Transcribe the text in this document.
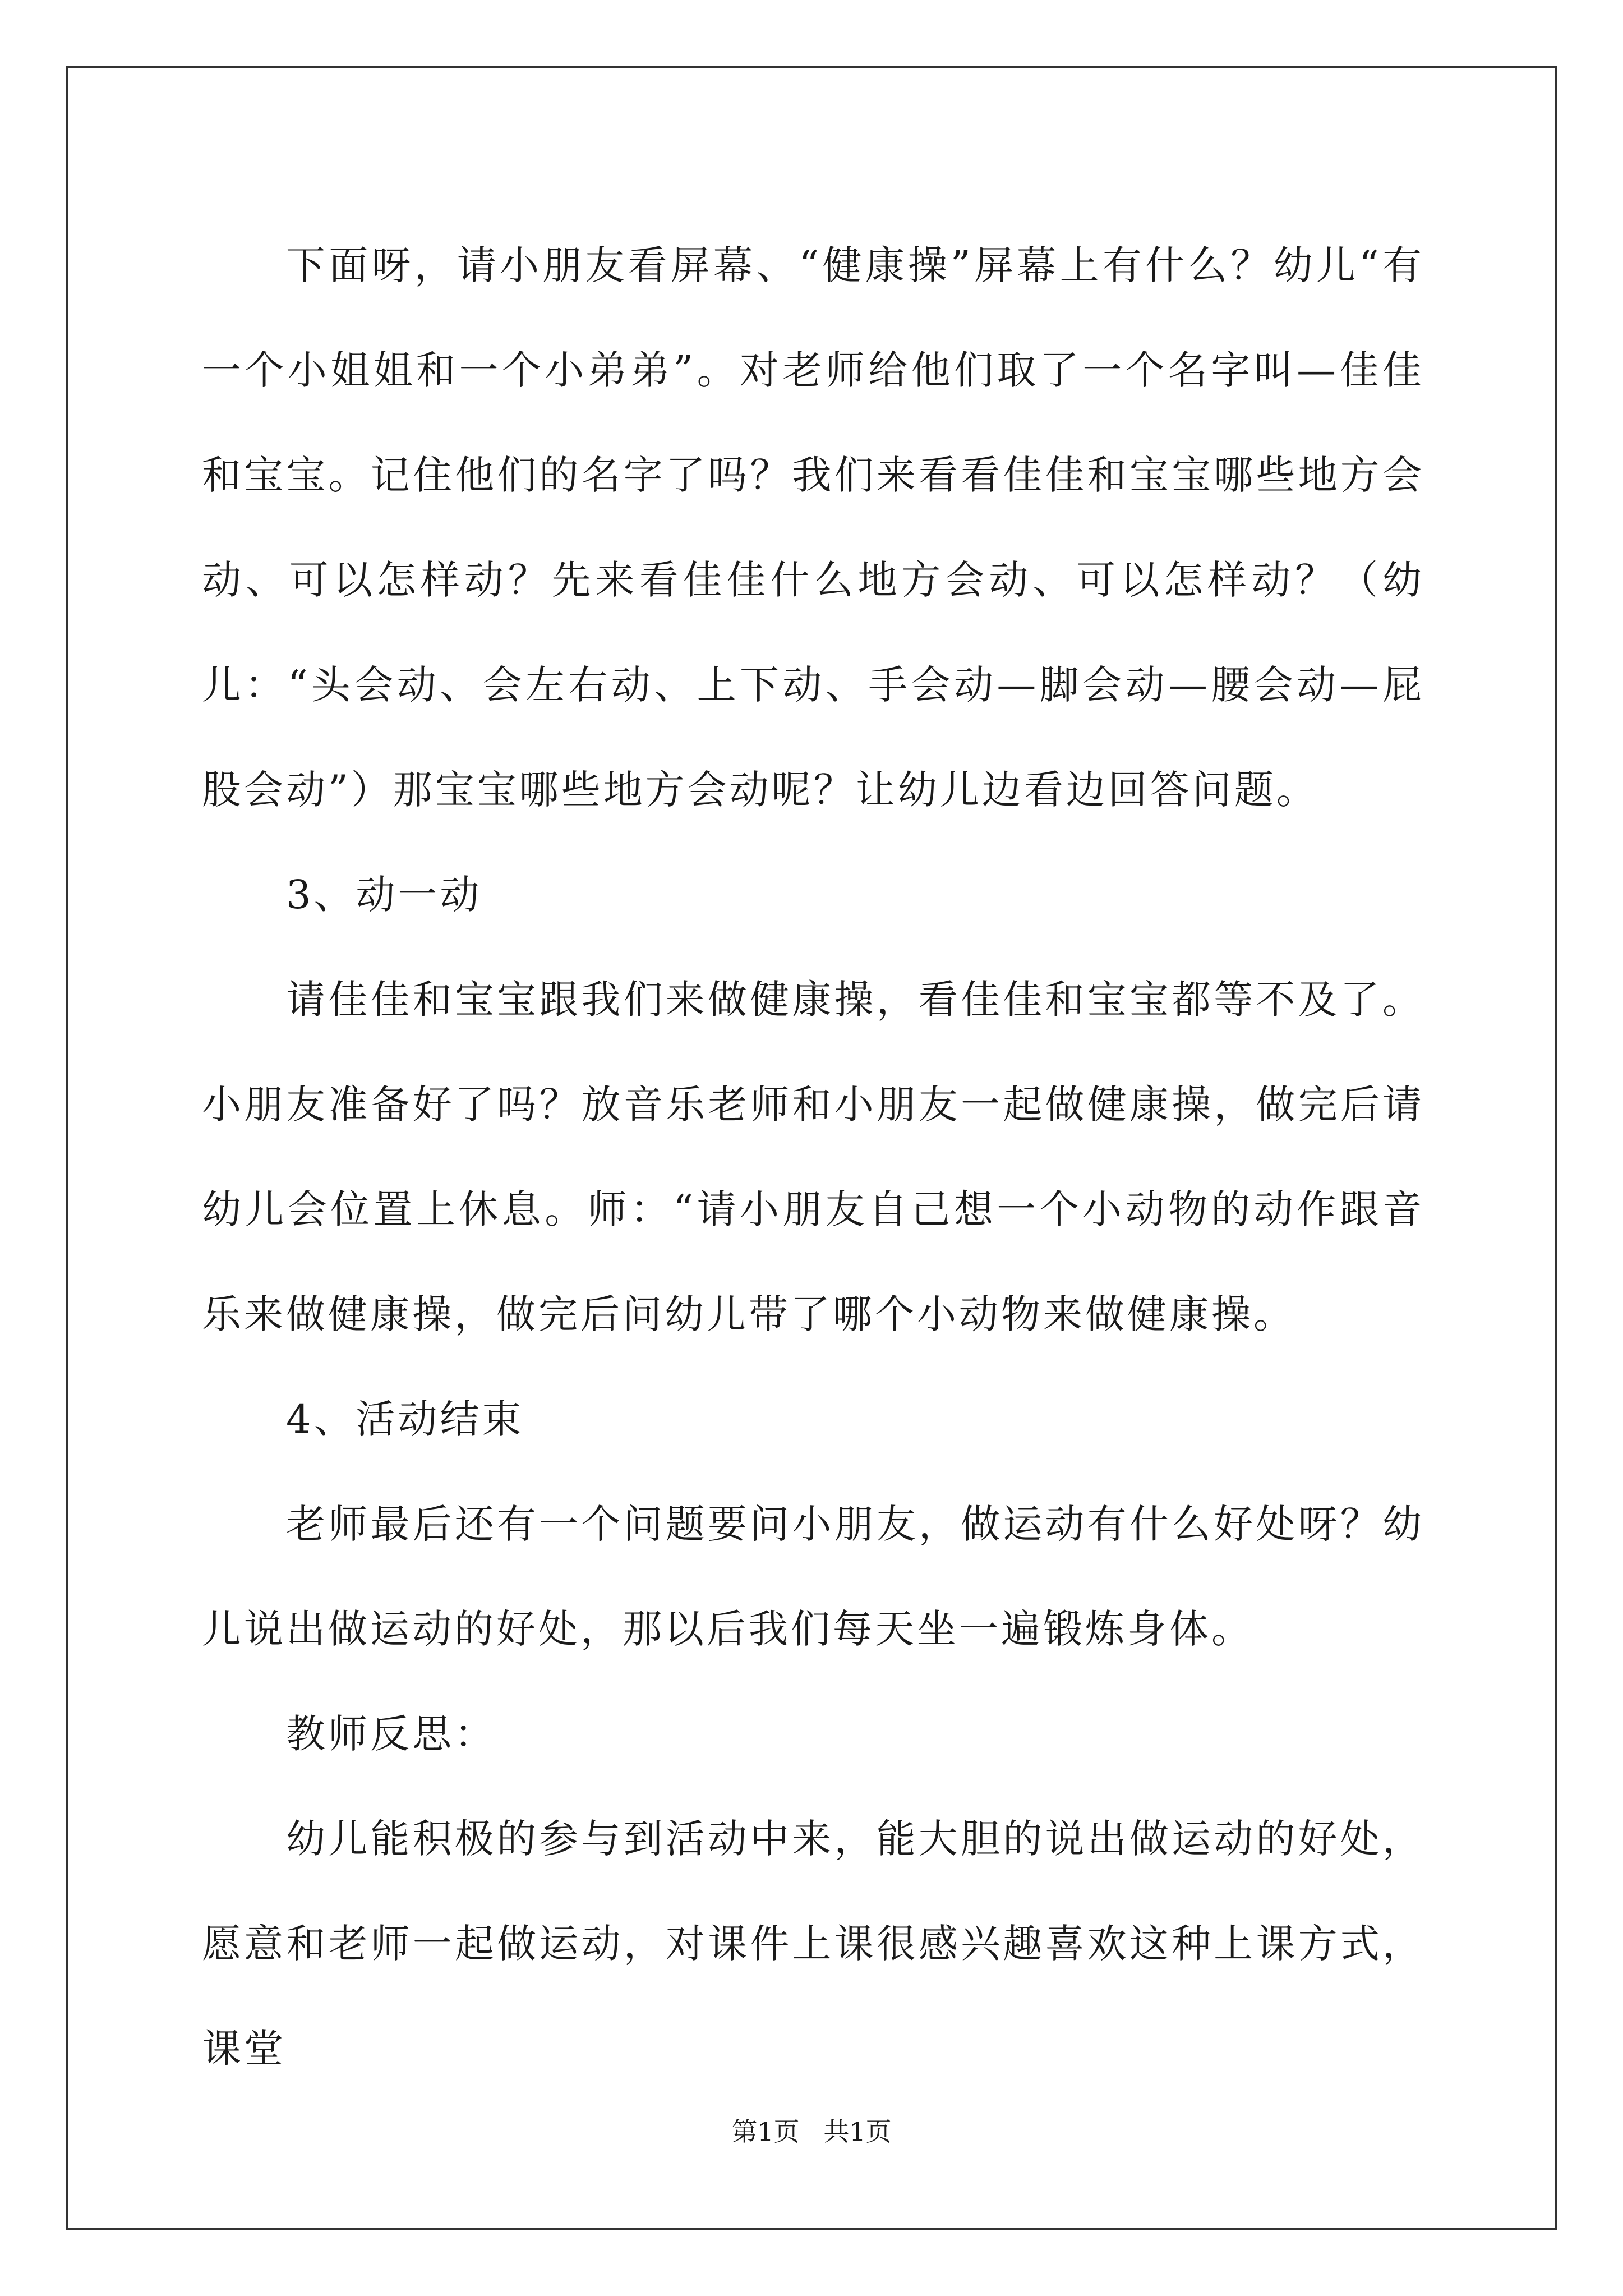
下面呀，请小朋友看屏幕、“健康操”屏幕上有什么？幼儿“有一个小姐姐和一个小弟弟”。对老师给他们取了一个名字叫—佳佳和宝宝。记住他们的名字了吗？我们来看看佳佳和宝宝哪些地方会动、可以怎样动？先来看佳佳什么地方会动、可以怎样动？（幼儿：“头会动、会左右动、上下动、手会动—脚会动—腰会动—屁股会动”）那宝宝哪些地方会动呢？让幼儿边看边回答问题。

3、动一动

请佳佳和宝宝跟我们来做健康操，看佳佳和宝宝都等不及了。小朋友准备好了吗？放音乐老师和小朋友一起做健康操，做完后请幼儿会位置上休息。师：“请小朋友自己想一个小动物的动作跟音乐来做健康操，做完后问幼儿带了哪个小动物来做健康操。

4、活动结束

老师最后还有一个问题要问小朋友，做运动有什么好处呀？幼儿说出做运动的好处，那以后我们每天坐一遍锻炼身体。

教师反思：

幼儿能积极的参与到活动中来，能大胆的说出做运动的好处，愿意和老师一起做运动，对课件上课很感兴趣喜欢这种上课方式，课堂

第1页 共1页
